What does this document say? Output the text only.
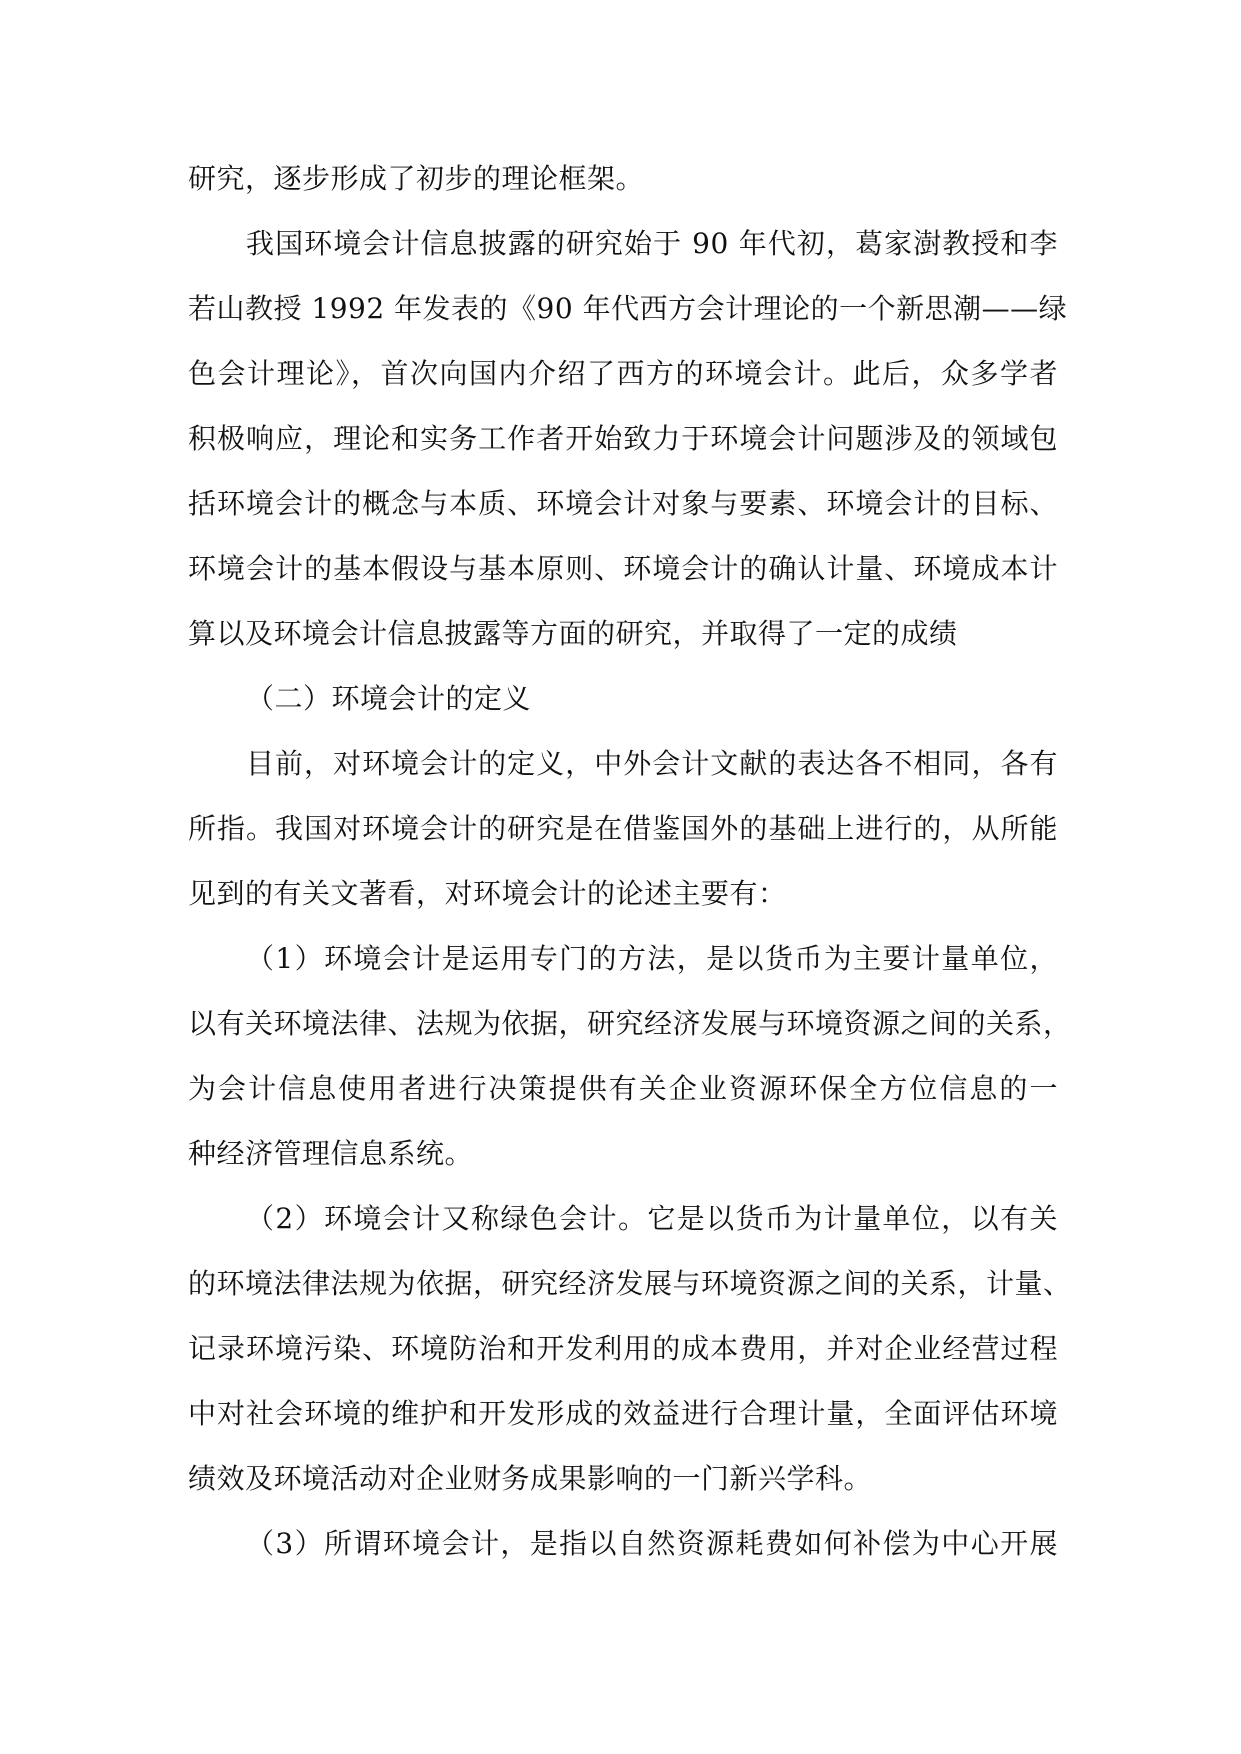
研究，逐步形成了初步的理论框架。
我国环境会计信息披露的研究始于 90 年代初，葛家澍教授和李
若山教授 1992 年发表的《90 年代西方会计理论的一个新思潮——绿
色会计理论》，首次向国内介绍了西方的环境会计。此后，众多学者
积极响应，理论和实务工作者开始致力于环境会计问题涉及的领域包
括环境会计的概念与本质、环境会计对象与要素、环境会计的目标、
环境会计的基本假设与基本原则、环境会计的确认计量、环境成本计
算以及环境会计信息披露等方面的研究，并取得了一定的成绩
（二）环境会计的定义
目前，对环境会计的定义，中外会计文献的表达各不相同，各有
所指。我国对环境会计的研究是在借鉴国外的基础上进行的，从所能
见到的有关文著看，对环境会计的论述主要有：
（1）环境会计是运用专门的方法，是以货币为主要计量单位，
以有关环境法律、法规为依据，研究经济发展与环境资源之间的关系，
为会计信息使用者进行决策提供有关企业资源环保全方位信息的一
种经济管理信息系统。
（2）环境会计又称绿色会计。它是以货币为计量单位，以有关
的环境法律法规为依据，研究经济发展与环境资源之间的关系，计量、
记录环境污染、环境防治和开发利用的成本费用，并对企业经营过程
中对社会环境的维护和开发形成的效益进行合理计量，全面评估环境
绩效及环境活动对企业财务成果影响的一门新兴学科。
（3）所谓环境会计，是指以自然资源耗费如何补偿为中心开展
